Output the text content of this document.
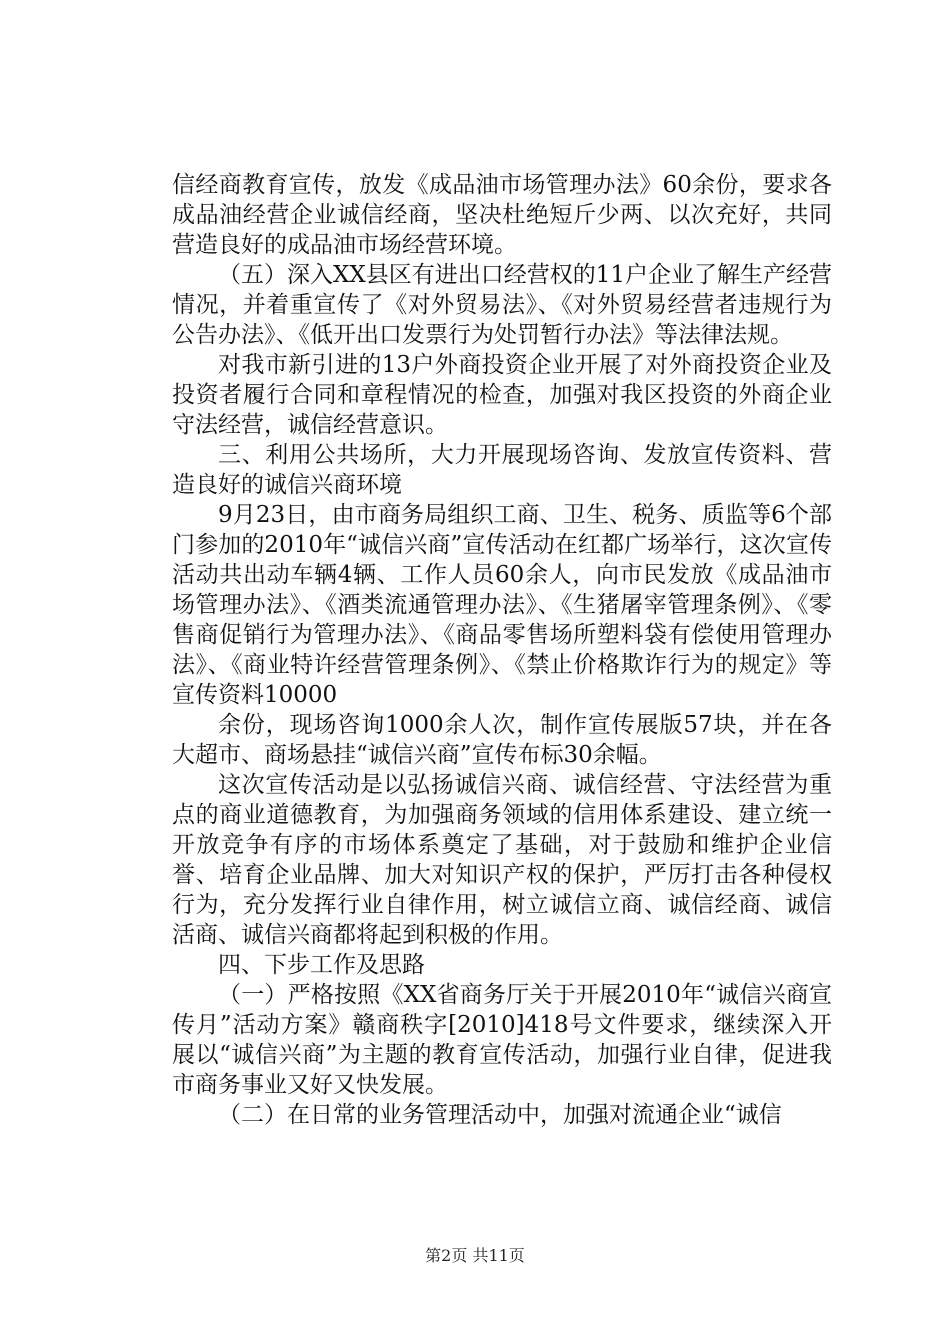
信经商教育宣传，放发《成品油市场管理办法》60余份，要求各成品油经营企业诚信经商，坚决杜绝短斤少两、以次充好，共同营造良好的成品油市场经营环境。

（五）深入XX县区有进出口经营权的11户企业了解生产经营情况，并着重宣传了《对外贸易法》、《对外贸易经营者违规行为公告办法》、《低开出口发票行为处罚暂行办法》等法律法规。

对我市新引进的13户外商投资企业开展了对外商投资企业及投资者履行合同和章程情况的检查，加强对我区投资的外商企业守法经营，诚信经营意识。

三、利用公共场所，大力开展现场咨询、发放宣传资料、营造良好的诚信兴商环境

9月23日，由市商务局组织工商、卫生、税务、质监等6个部门参加的2010年“诚信兴商”宣传活动在红都广场举行，这次宣传活动共出动车辆4辆、工作人员60余人，向市民发放《成品油市场管理办法》、《酒类流通管理办法》、《生猪屠宰管理条例》、《零售商促销行为管理办法》、《商品零售场所塑料袋有偿使用管理办法》、《商业特许经营管理条例》、《禁止价格欺诈行为的规定》等宣传资料10000

余份，现场咨询1000余人次，制作宣传展版57块，并在各大超市、商场悬挂“诚信兴商”宣传布标30余幅。

这次宣传活动是以弘扬诚信兴商、诚信经营、守法经营为重点的商业道德教育，为加强商务领域的信用体系建设、建立统一开放竞争有序的市场体系奠定了基础，对于鼓励和维护企业信誉、培育企业品牌、加大对知识产权的保护，严厉打击各种侵权行为，充分发挥行业自律作用，树立诚信立商、诚信经商、诚信活商、诚信兴商都将起到积极的作用。

四、下步工作及思路

（一）严格按照《XX省商务厅关于开展2010年“诚信兴商宣传月”活动方案》赣商秩字[2010]418号文件要求，继续深入开展以“诚信兴商”为主题的教育宣传活动，加强行业自律，促进我市商务事业又好又快发展。

（二）在日常的业务管理活动中，加强对流通企业“诚信

第2页 共11页
